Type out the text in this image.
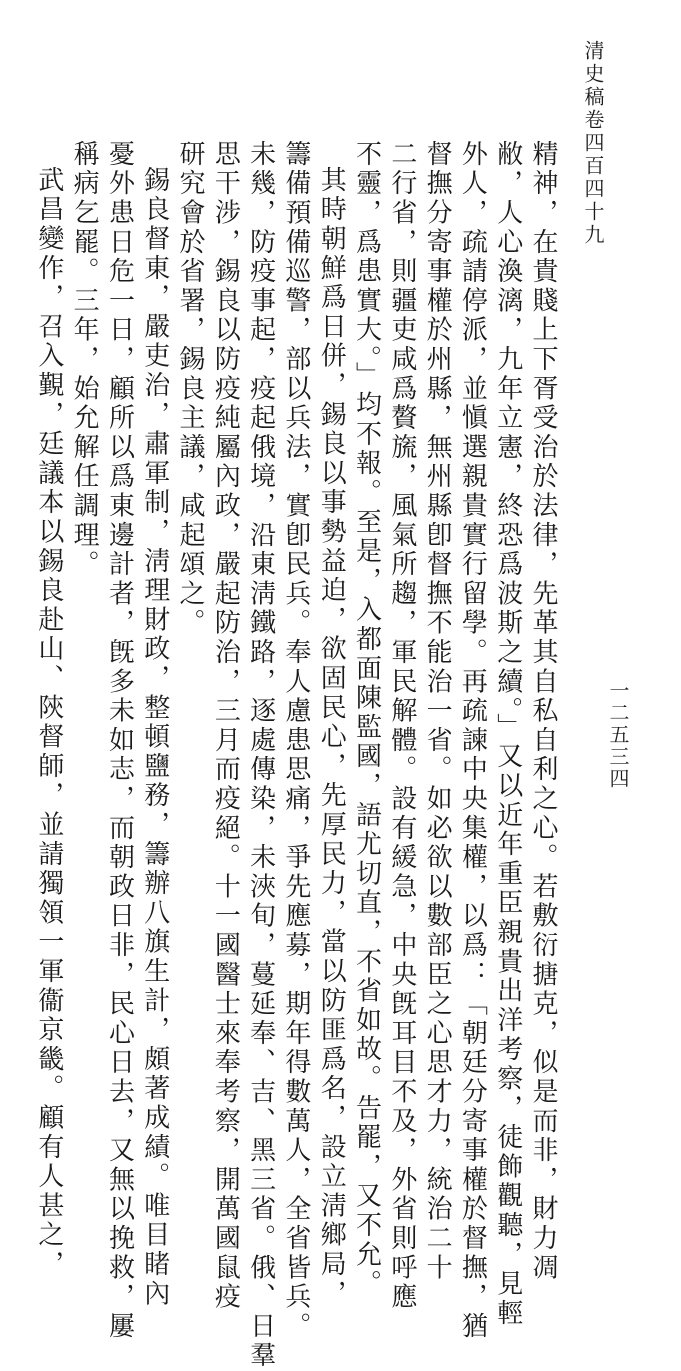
清史稿卷四百四十九
一二五三四
精神，在貴賤上下胥受治於法律，先革其自私自利之心。若敷衍搪克，似是而非，財力凋
敝，人心渙漓，九年立憲，終恐爲波斯之續。」又以近年重臣親貴出洋考察，徒飾觀聽，見輕
外人，疏請停派，並愼選親貴實行留學。再疏諫中央集權，以爲：「朝廷分寄事權於督撫，猶
督撫分寄事權於州縣，無州縣卽督撫不能治一省。如必欲以數部臣之心思才力，統治二十
二行省，則疆吏咸爲贅旒，風氣所趨，軍民解體。設有緩急，中央旣耳目不及，外省則呼應
不靈，爲患實大。」均不報。至是，入都面陳監國，語尤切直，不省如故。告罷，又不允。
其時朝鮮爲日併，錫良以事勢益迫，欲固民心，先厚民力，當以防匪爲名，設立淸鄉局，
籌備預備巡警，部以兵法，實卽民兵。奉人慮患思痛，爭先應募，期年得數萬人，全省皆兵。
未幾，防疫事起，疫起俄境，沿東淸鐵路，逐處傳染，未浹旬，蔓延奉、吉、黑三省。俄、日羣
思干涉，錫良以防疫純屬內政，嚴起防治，三月而疫絕。十一國醫士來奉考察，開萬國鼠疫
研究會於省署，錫良主議，咸起頌之。
錫良督東，嚴吏治，肅軍制，淸理財政，整頓鹽務，籌辦八旗生計，頗著成績。唯目睹內
憂外患日危一日，顧所以爲東邊計者，旣多未如志，而朝政日非，民心日去，又無以挽救，屢
稱病乞罷。三年，始允解任調理。
武昌變作，召入覲，廷議本以錫良赴山、陝督師，並請獨領一軍衞京畿。顧有人甚之，
